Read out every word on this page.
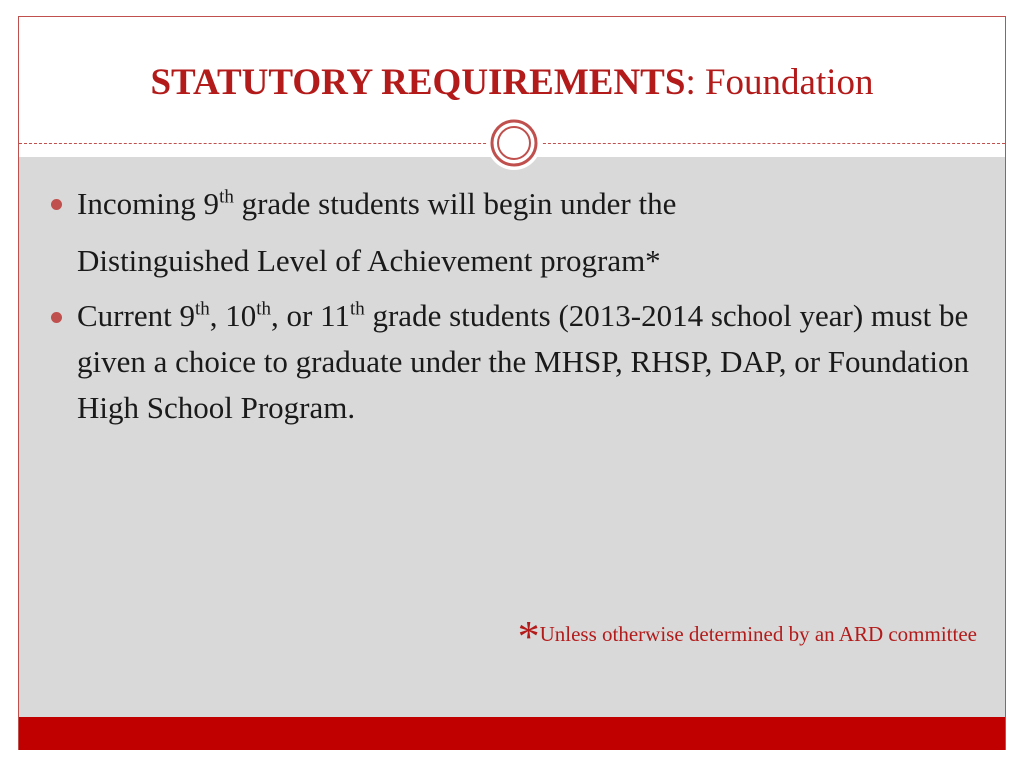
STATUTORY REQUIREMENTS: Foundation
Incoming 9th grade students will begin under the
Distinguished Level of Achievement program*
Current 9th, 10th, or 11th grade students (2013-2014 school year) must be given a choice to graduate under the MHSP, RHSP, DAP, or Foundation High School Program.
*Unless otherwise determined by an ARD committee
